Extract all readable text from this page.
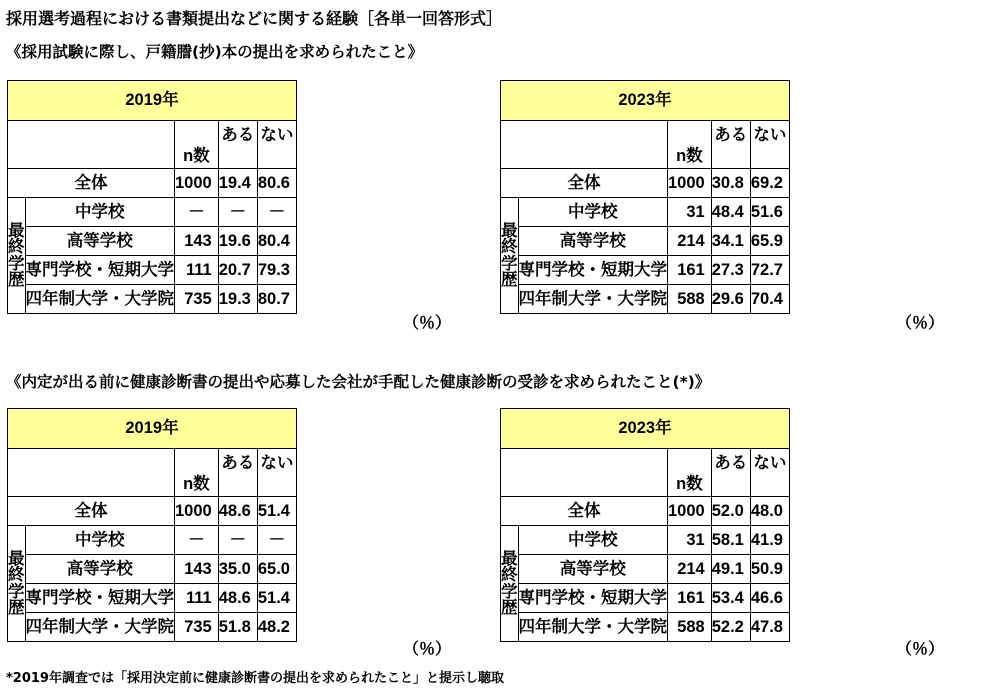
採用選考過程における書類提出などに関する経験［各単一回答形式］
《採用試験に際し、戸籍謄(抄)本の提出を求められたこと》
《内定が出る前に健康診断書の提出や応募した会社が手配した健康診断の受診を求められたこと(*)》
2019年				
		n数	ある	ない
全体		1000	19.4	80.6

最
終
学
歴	中学校	－	－	－
	高等学校	143	19.6	80.4
	専門学校・短期大学	111	20.7	79.3
	四年制大学・大学院	735	19.3	80.7
（％）
2023年				
		n数	ある	ない
全体		1000	30.8	69.2

最
終
学
歴	中学校	31	48.4	51.6
	高等学校	214	34.1	65.9
	専門学校・短期大学	161	27.3	72.7
	四年制大学・大学院	588	29.6	70.4
（％）
2019年				
		n数	ある	ない
全体		1000	48.6	51.4

最
終
学
歴	中学校	－	－	－
	高等学校	143	35.0	65.0
	専門学校・短期大学	111	48.6	51.4
	四年制大学・大学院	735	51.8	48.2
（％）
2023年				
		n数	ある	ない
全体		1000	52.0	48.0

最
終
学
歴	中学校	31	58.1	41.9
	高等学校	214	49.1	50.9
	専門学校・短期大学	161	53.4	46.6
	四年制大学・大学院	588	52.2	47.8
（％）
*2019年調査では「採用決定前に健康診断書の提出を求められたこと」と提示し聴取
